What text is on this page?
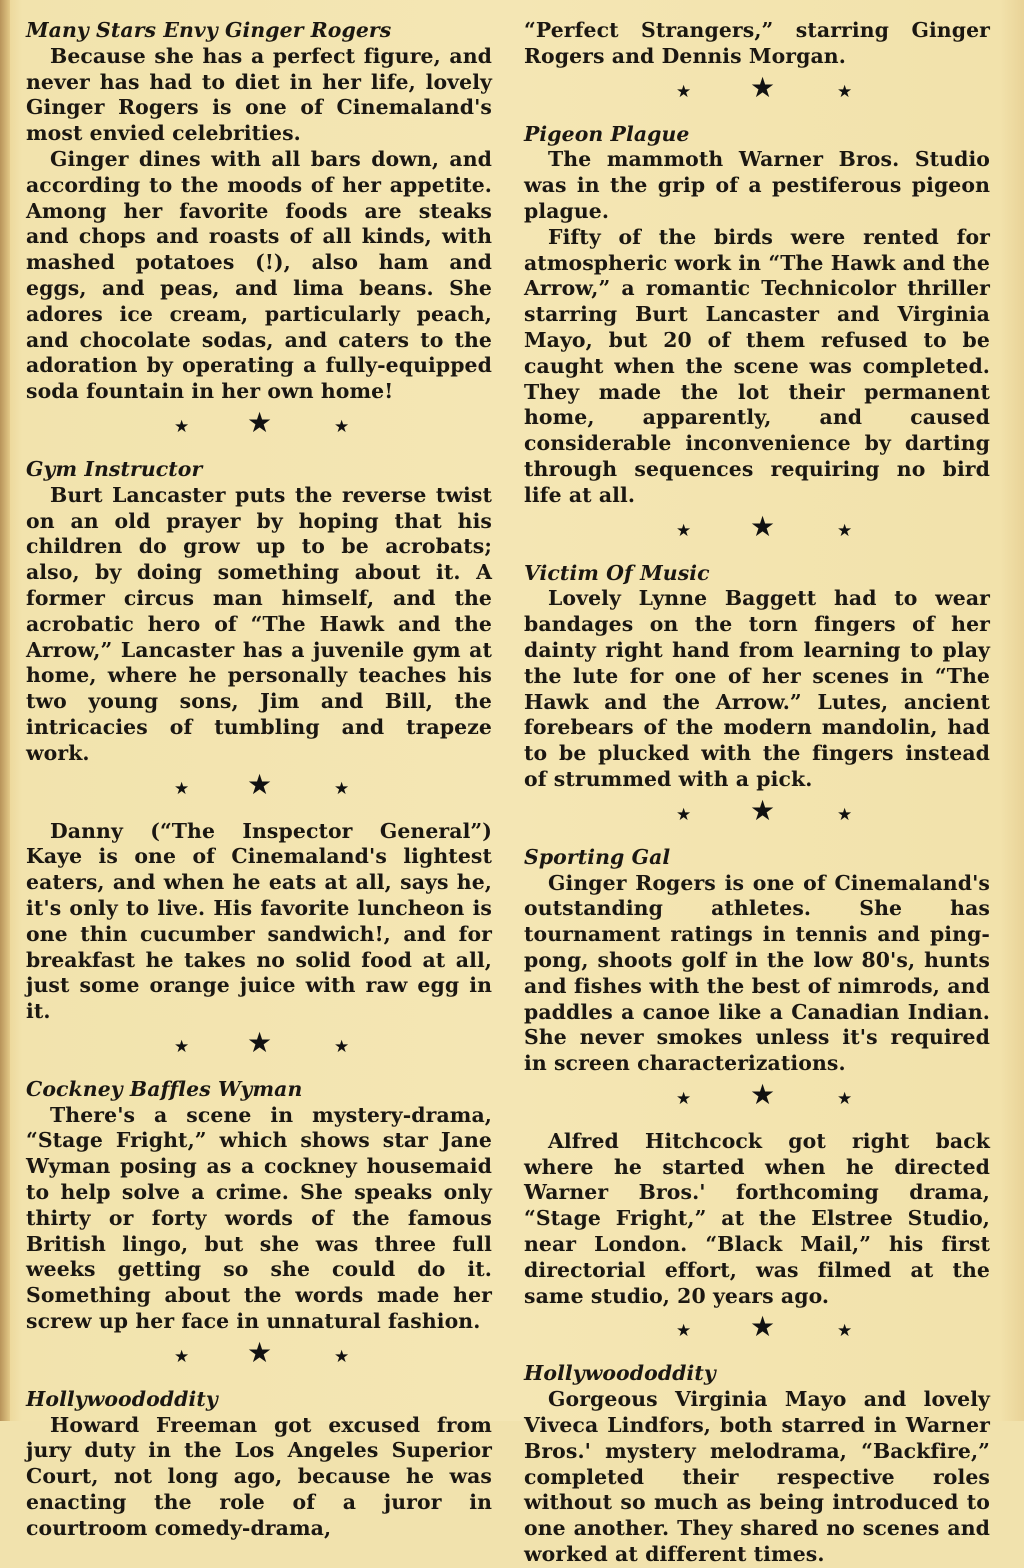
Many Stars Envy Ginger Rogers

Because she has a perfect figure, and never has had to diet in her life, lovely Ginger Rogers is one of Cinemaland's most envied celebrities.

Ginger dines with all bars down, and according to the moods of her appetite. Among her favorite foods are steaks and chops and roasts of all kinds, with mashed potatoes (!), also ham and eggs, and peas, and lima beans. She adores ice cream, particularly peach, and chocolate sodas, and caters to the adoration by operating a fully-equipped soda fountain in her own home!

★ ★	★

Gym Instructor

Burt Lancaster puts the reverse twist on an old prayer by hoping that his children do grow up to be acrobats; also, by doing something about it. A former circus man himself, and the acrobatic hero of “The Hawk and the Arrow,” Lancaster has a juvenile gym at home, where he personally teaches his two young sons, Jim and Bill, the intricacies of tumbling and trapeze work.

★ ★	★

Danny (“The Inspector General”) Kaye is one of Cinemaland's lightest eaters, and when he eats at all, says he, it's only to live. His favorite luncheon is one thin cucumber sandwich!, and for breakfast he takes no solid food at all, just some orange juice with raw egg in it.

★ ★	★

Cockney Baffles Wyman

There's a scene in mystery-drama, “Stage Fright,” which shows star Jane Wyman posing as a cockney housemaid to help solve a crime. She speaks only thirty or forty words of the famous British lingo, but she was three full weeks getting so she could do it. Something about the words made her screw up her face in unnatural fashion.

★ ★	★

Hollywoododdity

Howard Freeman got excused from jury duty in the Los Angeles Superior Court, not long ago, because he was enacting the role of a juror in courtroom comedy-drama,

“Perfect Strangers,” starring Ginger Rogers and Dennis Morgan.

★ ★	★

Pigeon Plague

The mammoth Warner Bros. Studio was in the grip of a pestiferous pigeon plague.

Fifty of the birds were rented for atmospheric work in “The Hawk and the Arrow,” a romantic Technicolor thriller starring Burt Lancaster and Virginia Mayo, but 20 of them refused to be caught when the scene was completed. They made the lot their permanent home, apparently, and caused considerable inconvenience by darting through sequences requiring no bird life at all.

★ ★	★

Victim Of Music

Lovely Lynne Baggett had to wear bandages on the torn fingers of her dainty right hand from learning to play the lute for one of her scenes in “The Hawk and the Arrow.” Lutes, ancient forebears of the modern mandolin, had to be plucked with the fingers instead of strummed with a pick.

★ ★	★

Sporting Gal

Ginger Rogers is one of Cinemaland's outstanding athletes. She has tournament ratings in tennis and ping-pong, shoots golf in the low 80's, hunts and fishes with the best of nimrods, and paddles a canoe like a Canadian Indian. She never smokes unless it's required in screen characterizations.

★ ★	★

Alfred Hitchcock got right back where he started when he directed Warner Bros.' forthcoming drama, “Stage Fright,” at the Elstree Studio, near London. “Black Mail,” his first directorial effort, was filmed at the same studio, 20 years ago.

★ ★	★

Hollywoododdity

Gorgeous Virginia Mayo and lovely Viveca Lindfors, both starred in Warner Bros.' mystery melodrama, “Backfire,” completed their respective roles without so much as being introduced to one another. They shared no scenes and worked at different times.
